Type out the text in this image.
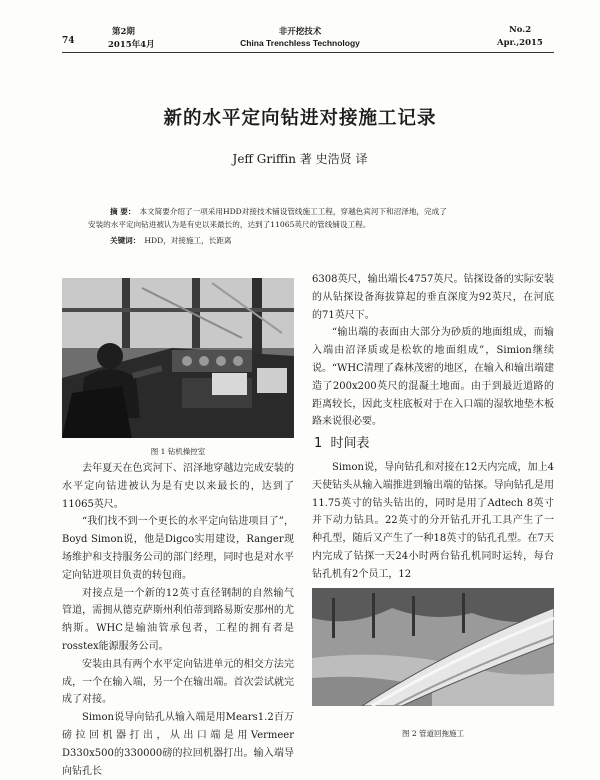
74
第2期
2015年4月
非开挖技术
China Trenchless Technology
No.2
Apr.,2015
新的水平定向钻进对接施工记录
Jeff Griffin 著 史浩贤 译
摘 要： 本文简要介绍了一项采用HDD对接技术铺设管线施工工程，穿越色宾河下和沼泽地，完成了
安装的水平定向钻进被认为是有史以来最长的，达到了11065英尺的管线铺设工程。
关键词： HDD，对接施工，长距离
图 1 钻机操控室

去年夏天在色宾河下、沼泽地穿越边完成安装的水平定向钻进被认为是有史以来最长的，达到了11065英尺。

“我们找不到一个更长的水平定向钻进项目了”，Boyd Simon说，他是Digco实用建设，Ranger现场维护和支持服务公司的部门经理，同时也是对水平定向钻进项目负责的转包商。

对接点是一个新的12英寸直径钢制的自然输气管道，需拥从德克萨斯州利伯蒂到路易斯安那州的尤纳斯。WHC是输油管承包者，工程的拥有者是rosstex能源服务公司。

安装由具有两个水平定向钻进单元的相交方法完成，一个在输入端，另一个在输出端。首次尝试就完成了对接。

Simon说导向钻孔从输入端是用Mears1.2百万磅拉回机器打出，从出口端是用Vermeer D330x500的330000磅的拉回机器打出。输入端导向钻孔长

6308英尺，输出端长4757英尺。钻探设备的实际安装的从钻探设备海拔算起的垂直深度为92英尺，在河底的71英尺下。

“输出端的表面由大部分为砂质的地面组成，而输入端由沼泽质或是松软的地面组成”，Simion继续说。“WHC清理了森林茂密的地区，在输入和输出端建造了200x200英尺的混凝土地面。由于到最近道路的距离较长，因此支柱底板对于在入口端的湿软地垫木板路来说很必要。

1 时间表

Simon说，导向钻孔和对接在12天内完成，加上4天使钻头从输入端推进到输出端的钻探。导向钻孔是用11.75英寸的钻头钻出的，同时是用了Adtech 8英寸并下动力钻具。22英寸的分开钻孔开孔工具产生了一种孔型，随后又产生了一种18英寸的钻孔孔型。在7天内完成了钻探一天24小时两台钻孔机同时运转，每台钻孔机有2个员工，12

图 2 管道回拖施工
